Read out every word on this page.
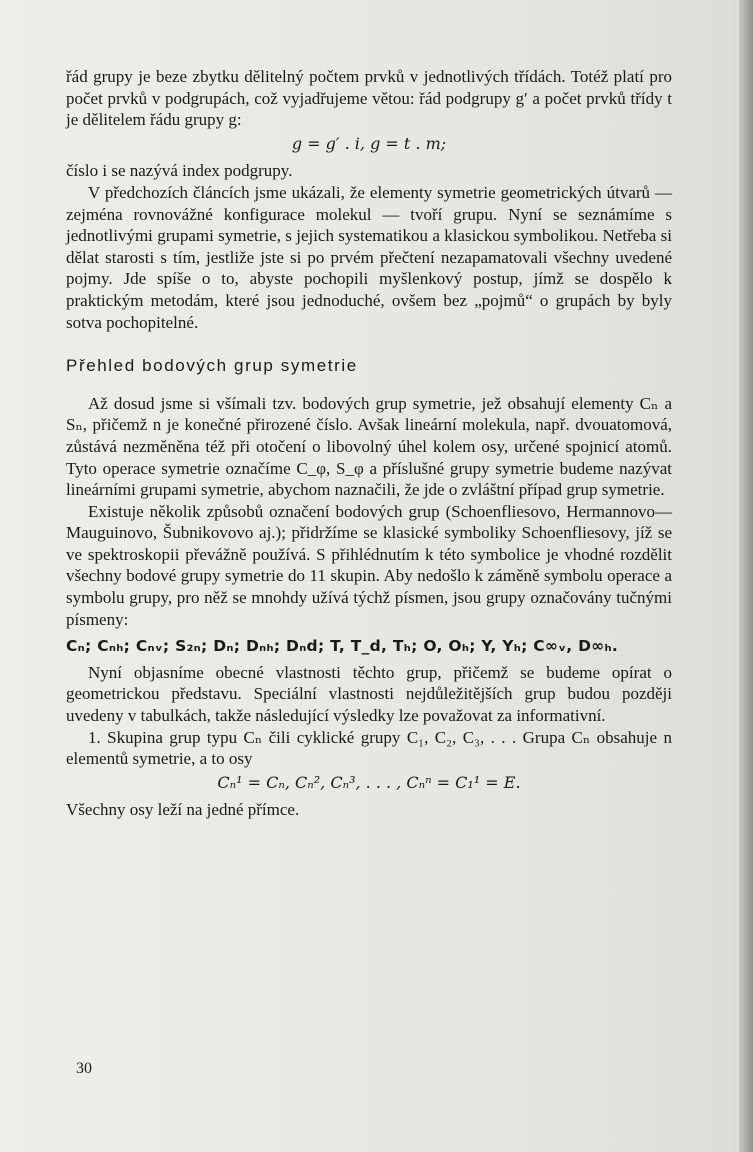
řád grupy je beze zbytku dělitelný počtem prvků v jednotlivých třídách. Totéž platí pro počet prvků v podgrupách, což vyjadřujeme větou: řád podgrupy g′ a počet prvků třídy t je dělitelem řádu grupy g:

g = g′ . i, g = t . m;

číslo i se nazývá index podgrupy.

V předchozích článcích jsme ukázali, že elementy symetrie geometrických útvarů — zejména rovnovážné konfigurace molekul — tvoří grupu. Nyní se seznámíme s jednotlivými grupami symetrie, s jejich systematikou a klasickou symbolikou. Netřeba si dělat starosti s tím, jestliže jste si po prvém přečtení nezapamatovali všechny uvedené pojmy. Jde spíše o to, abyste pochopili myšlenkový postup, jímž se dospělo k praktickým metodám, které jsou jednoduché, ovšem bez „pojmů“ o grupách by byly sotva pochopitelné.

Přehled bodových grup symetrie

Až dosud jsme si všímali tzv. bodových grup symetrie, jež obsahují elementy Cₙ a Sₙ, přičemž n je konečné přirozené číslo. Avšak lineární molekula, např. dvouatomová, zůstává nezměněna též při otočení o libovolný úhel kolem osy, určené spojnicí atomů. Tyto operace symetrie označíme C_φ, S_φ a příslušné grupy symetrie budeme nazývat lineárními grupami symetrie, abychom naznačili, že jde o zvláštní případ grup symetrie.

Existuje několik způsobů označení bodových grup (Schoenfliesovo, Hermannovo—Mauguinovo, Šubnikovovo aj.); přidržíme se klasické symboliky Schoenfliesovy, jíž se ve spektroskopii převážně používá. S přihlédnutím k této symbolice je vhodné rozdělit všechny bodové grupy symetrie do 11 skupin. Aby nedošlo k záměně symbolu operace a symbolu grupy, pro něž se mnohdy užívá týchž písmen, jsou grupy označovány tučnými písmeny:

Cₙ; Cₙₕ; Cₙᵥ; S₂ₙ; Dₙ; Dₙₕ; Dₙd; T, T_d, Tₕ; O, Oₕ; Y, Yₕ; C∞ᵥ, D∞ₕ.

Nyní objasníme obecné vlastnosti těchto grup, přičemž se budeme opírat o geometrickou představu. Speciální vlastnosti nejdůležitějších grup budou později uvedeny v tabulkách, takže následující výsledky lze považovat za informativní.

1. Skupina grup typu Cₙ čili cyklické grupy C₁, C₂, C₃, . . . Grupa Cₙ obsahuje n elementů symetrie, a to osy

Cₙ¹ = Cₙ, Cₙ², Cₙ³, . . . , Cₙⁿ = C₁¹ = E.

Všechny osy leží na jedné přímce.

30
